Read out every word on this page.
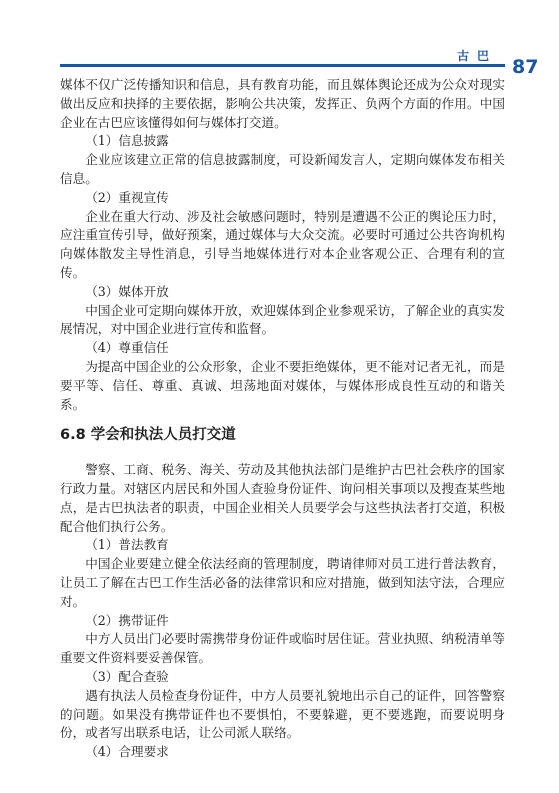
古巴 87

媒体不仅广泛传播知识和信息，具有教育功能，而且媒体舆论还成为公众对现实做出反应和抉择的主要依据，影响公共决策，发挥正、负两个方面的作用。中国企业在古巴应该懂得如何与媒体打交道。

（1）信息披露

企业应该建立正常的信息披露制度，可设新闻发言人，定期向媒体发布相关信息。

（2）重视宣传

企业在重大行动、涉及社会敏感问题时，特别是遭遇不公正的舆论压力时，应注重宣传引导，做好预案，通过媒体与大众交流。必要时可通过公共咨询机构向媒体散发主导性消息，引导当地媒体进行对本企业客观公正、合理有利的宣传。

（3）媒体开放

中国企业可定期向媒体开放，欢迎媒体到企业参观采访，了解企业的真实发展情况，对中国企业进行宣传和监督。

（4）尊重信任

为提高中国企业的公众形象，企业不要拒绝媒体，更不能对记者无礼，而是要平等、信任、尊重、真诚、坦荡地面对媒体，与媒体形成良性互动的和谐关系。

6.8 学会和执法人员打交道

警察、工商、税务、海关、劳动及其他执法部门是维护古巴社会秩序的国家行政力量。对辖区内居民和外国人查验身份证件、询问相关事项以及搜查某些地点，是古巴执法者的职责，中国企业相关人员要学会与这些执法者打交道，积极配合他们执行公务。

（1）普法教育

中国企业要建立健全依法经商的管理制度，聘请律师对员工进行普法教育，让员工了解在古巴工作生活必备的法律常识和应对措施，做到知法守法，合理应对。

（2）携带证件

中方人员出门必要时需携带身份证件或临时居住证。营业执照、纳税清单等重要文件资料要妥善保管。

（3）配合查验

遇有执法人员检查身份证件，中方人员要礼貌地出示自己的证件，回答警察的问题。如果没有携带证件也不要惧怕，不要躲避，更不要逃跑，而要说明身份，或者写出联系电话，让公司派人联络。

（4）合理要求
